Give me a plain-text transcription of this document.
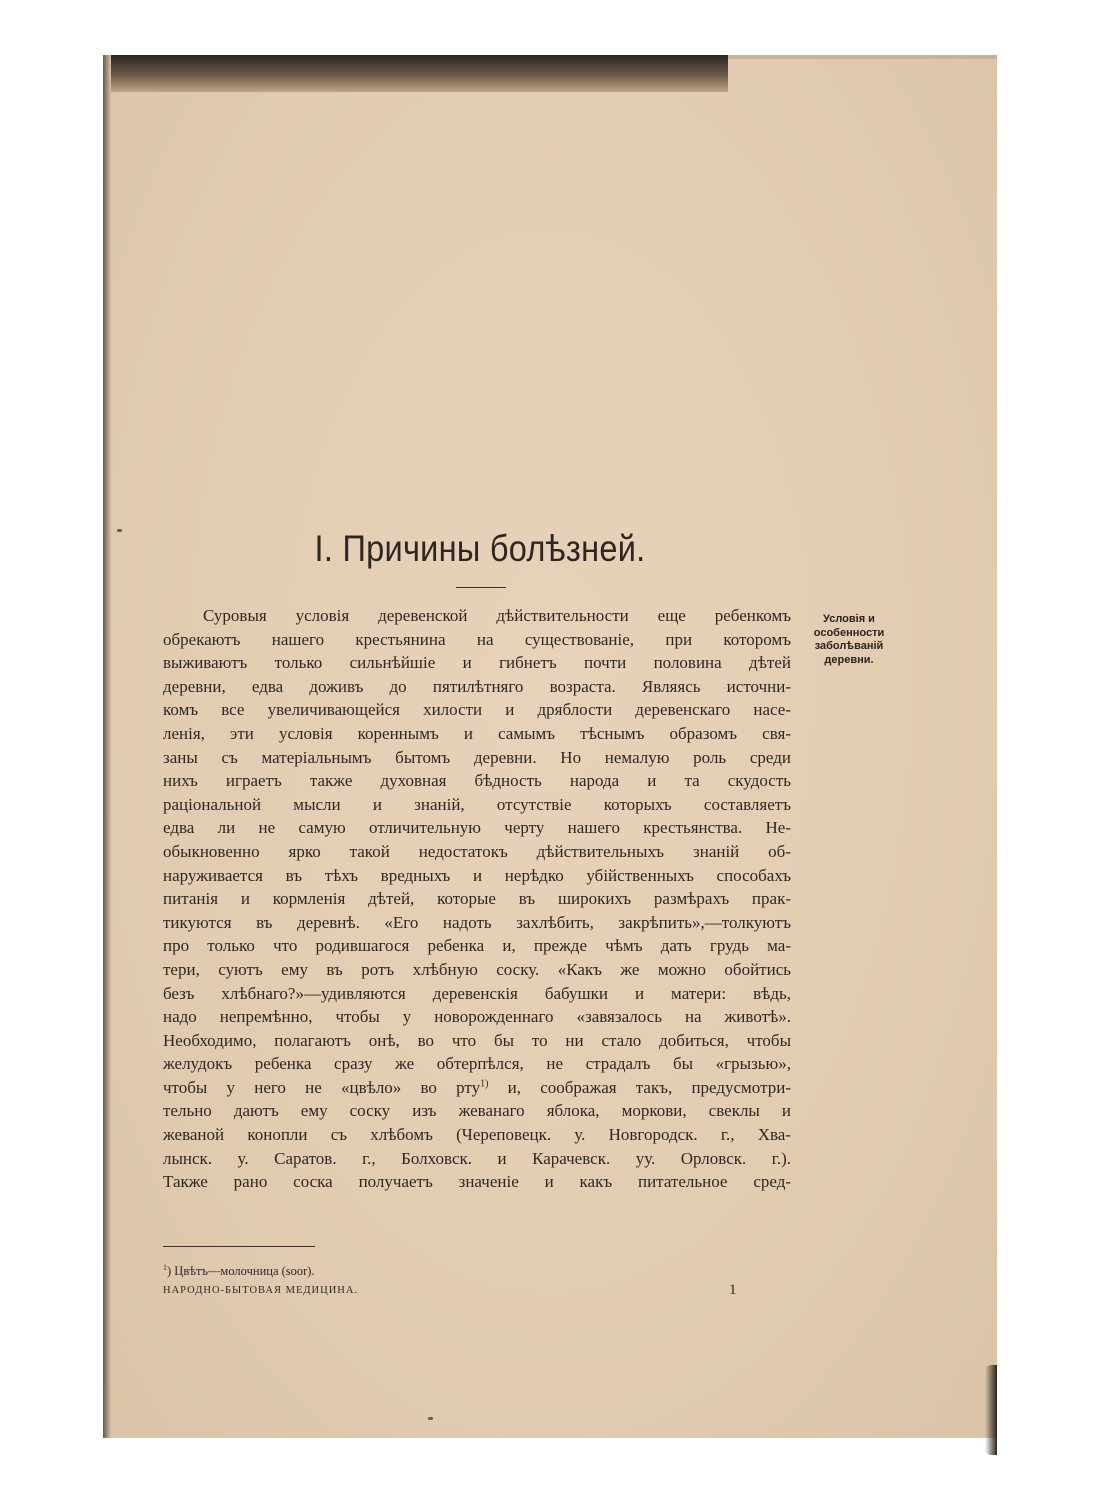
I. Причины болѣзней.
Условія и
особенности
заболѣваній
деревни.
Суровыя условія деревенской дѣйствительности еще ребенкомъ
обрекаютъ нашего крестьянина на существованіе, при которомъ
выживаютъ только сильнѣйшіе и гибнетъ почти половина дѣтей
деревни, едва доживъ до пятилѣтняго возраста. Являясь источни-
комъ все увеличивающейся хилости и дряблости деревенскаго насе-
ленія, эти условія кореннымъ и самымъ тѣснымъ образомъ свя-
заны съ матеріальнымъ бытомъ деревни. Но немалую роль среди
нихъ играетъ также духовная бѣдность народа и та скудость
раціональной мысли и знаній, отсутствіе которыхъ составляетъ
едва ли не самую отличительную черту нашего крестьянства. Не-
обыкновенно ярко такой недостатокъ дѣйствительныхъ знаній об-
наруживается въ тѣхъ вредныхъ и нерѣдко убійственныхъ способахъ
питанія и кормленія дѣтей, которые въ широкихъ размѣрахъ прак-
тикуются въ деревнѣ. «Его надоть захлѣбить, закрѣпить»,—толкуютъ
про только что родившагося ребенка и, прежде чѣмъ дать грудь ма-
тери, суютъ ему въ ротъ хлѣбную соску. «Какъ же можно обойтись
безъ хлѣбнаго?»—удивляются деревенскія бабушки и матери: вѣдь,
надо непремѣнно, чтобы у новорожденнаго «завязалось на животѣ».
Необходимо, полагаютъ онѣ, во что бы то ни стало добиться, чтобы
желудокъ ребенка сразу же обтерпѣлся, не страдалъ бы «грызью»,
чтобы у него не «цвѣло» во рту$^{1)}$ и, соображая такъ, предусмотри-
тельно даютъ ему соску изъ жеванаго яблока, моркови, свеклы и
жеваной конопли съ хлѣбомъ (Череповецк. у. Новгородск. г., Хва-
лынск. у. Саратов. г., Болховск. и Карачевск. уу. Орловск. г.).
Также рано соска получаетъ значеніе и какъ питательное сред-
$^1$) Цвѣтъ—молочница (soor).
НАРОДНО-БЫТОВАЯ МЕДИЦИНА.	1
